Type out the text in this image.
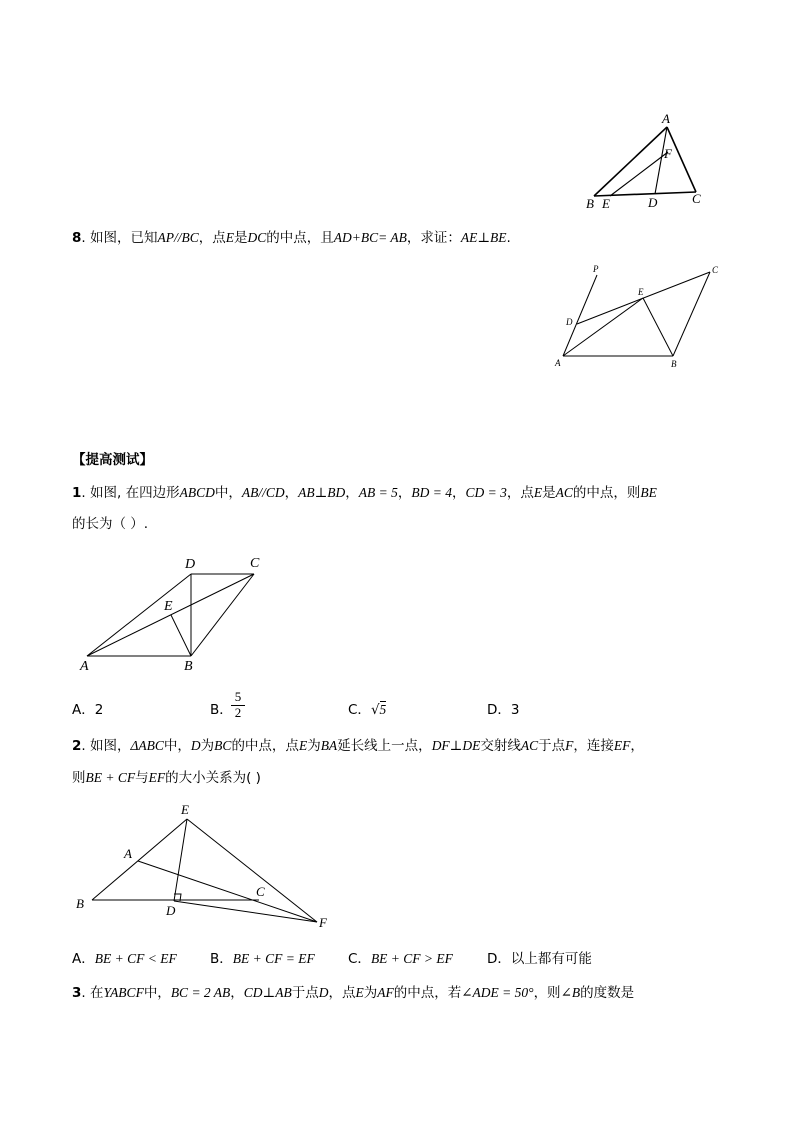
A
F
B E	D	C
8. 如图，已知AP//BC，点E是DC的中点，且AD+BC= AB，求证：AE⊥BE.
P	C
E
D
A	B
【提高测试】
1. 如图, 在四边形ABCD中，AB//CD，AB⊥BD，AB = 5，BD = 4，CD = 3，点E是AC的中点，则BE
的长为（ ）.
D	C
E
A	B
A．2	B．
$\frac{5}{2}$	C．√5	D．3
2. 如图，ΔABC中，D为BC的中点，点E为BA延长线上一点，DF⊥DE交射线AC于点F，连接EF，
则BE + CF与EF的大小关系为( )
E
A
C
B	D
F
A．BE + CF < EF B．BE + CF = EF C．BE + CF > EF	D．以上都有可能
3. 在YABCF中，BC = 2 AB，CD⊥AB于点D，点E为AF的中点，若∠ADE = 50°，则∠B的度数是
